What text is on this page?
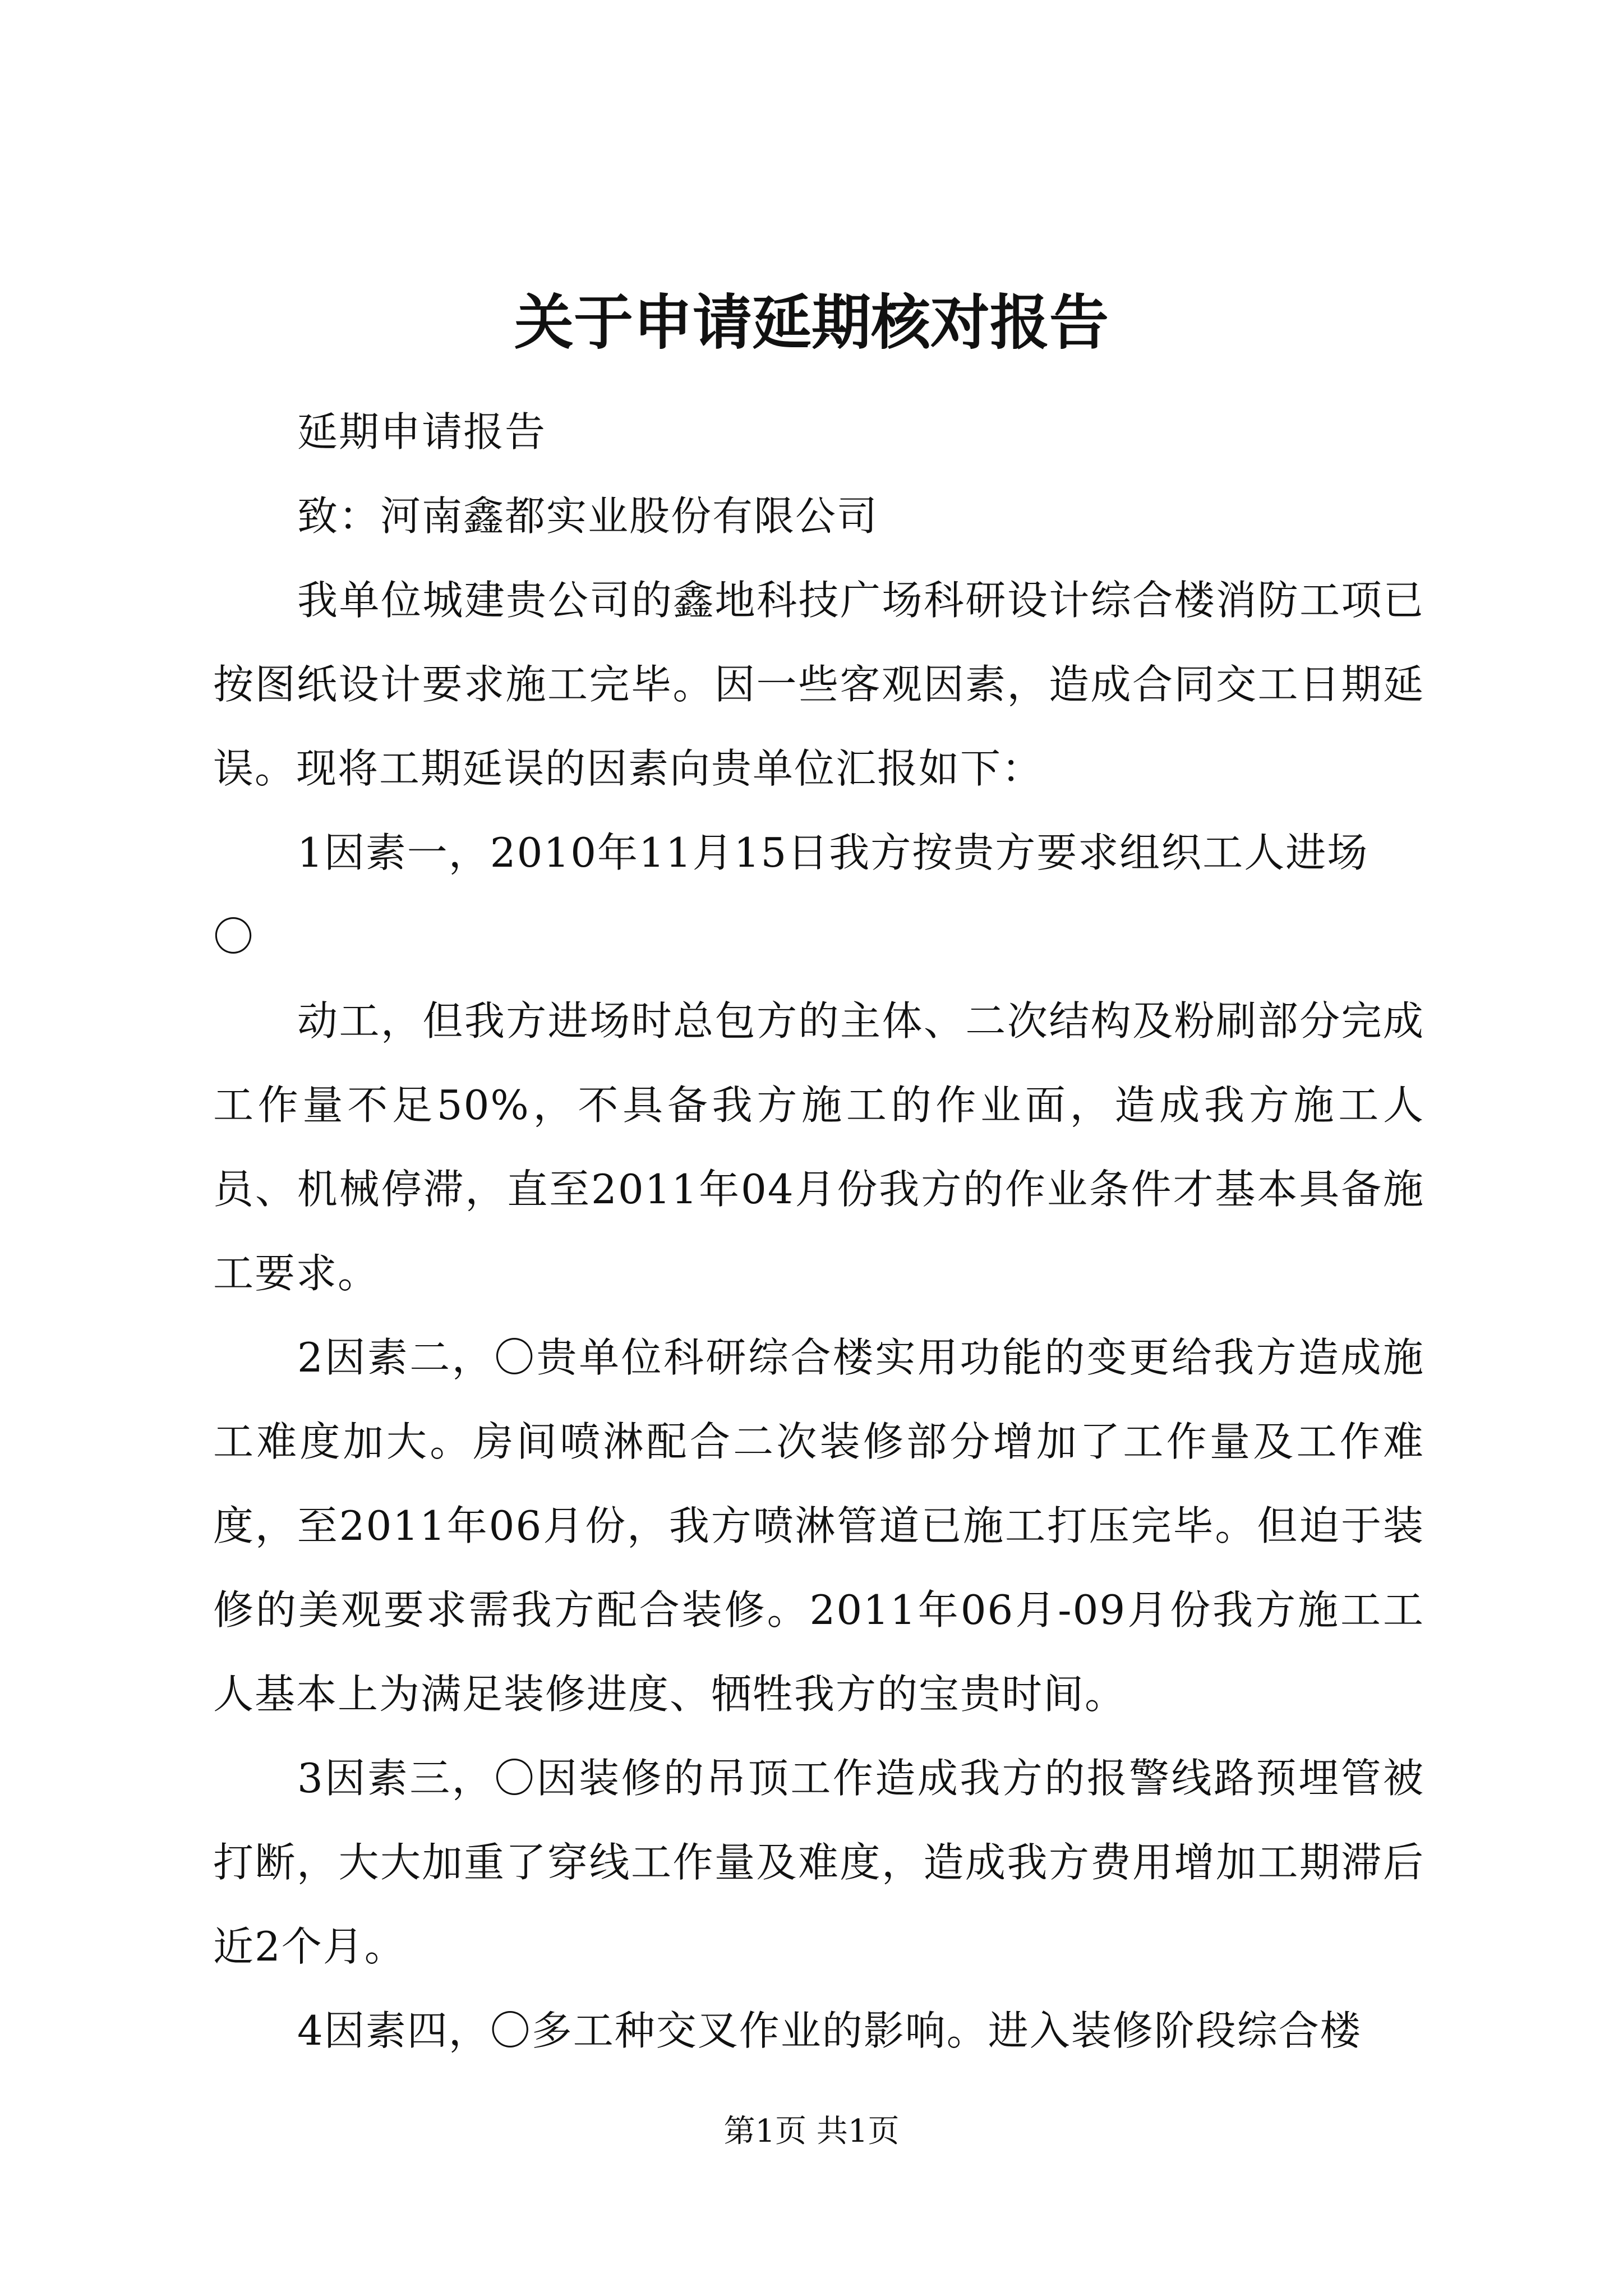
关于申请延期核对报告

延期申请报告

致：河南鑫都实业股份有限公司

我单位城建贵公司的鑫地科技广场科研设计综合楼消防工项已按图纸设计要求施工完毕。因一些客观因素，造成合同交工日期延误。现将工期延误的因素向贵单位汇报如下：

1因素一，2010年11月15日我方按贵方要求组织工人进场

〇

动工，但我方进场时总包方的主体、二次结构及粉刷部分完成工作量不足50%，不具备我方施工的作业面，造成我方施工人员、机械停滞，直至2011年04月份我方的作业条件才基本具备施工要求。

2因素二，〇贵单位科研综合楼实用功能的变更给我方造成施工难度加大。房间喷淋配合二次装修部分增加了工作量及工作难度，至2011年06月份，我方喷淋管道已施工打压完毕。但迫于装修的美观要求需我方配合装修。2011年06月-09月份我方施工工人基本上为满足装修进度、牺牲我方的宝贵时间。

3因素三，〇因装修的吊顶工作造成我方的报警线路预埋管被打断，大大加重了穿线工作量及难度，造成我方费用增加工期滞后近2个月。

4因素四，〇多工种交叉作业的影响。进入装修阶段综合楼

第1页 共1页
